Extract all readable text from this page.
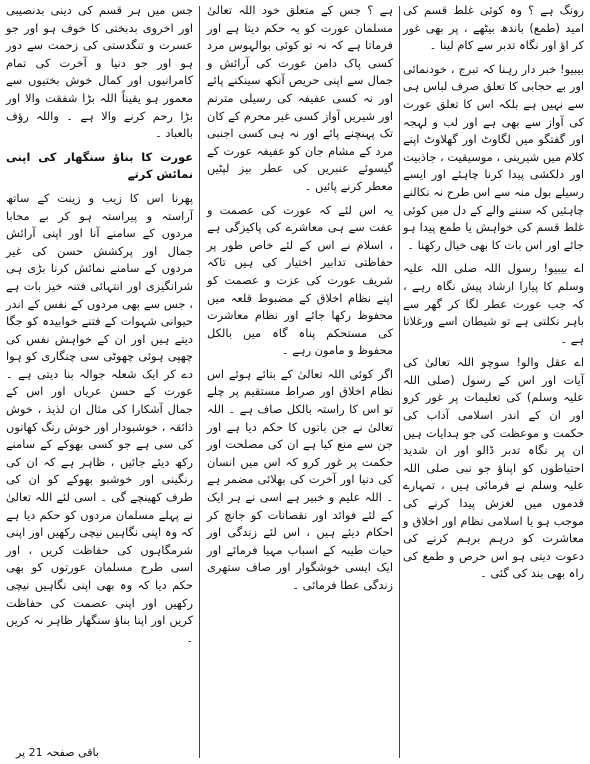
رونگ ہے ؟ وہ کوئی غلط قسم کی امید (طمع) باندھ بیٹھے ، پر بھی غور کر اؤ اور نگاہ تدبر سے کام لینا ۔

بیبیو! خبر دار رہنا کہ تبرج ، خودنمائی اور بے حجابی کا تعلق صرف لباس ہی سے نہیں ہے بلکہ اس کا تعلق عورت کی آواز سے بھی ہے اور لب و لہجہ اور گفتگو میں لگاوٹ اور گھلاوٹ اپنے کلام میں شیرینی ، موسیقیت ، جاذبیت اور دلکشی پیدا کرنا چاہئے اور ایسے رسیلے بول منہ سے اس طرح نہ نکالنے چاہئیں کہ سننے والے کے دل میں کوئی غلط قسم کی خواہش یا طمع پیدا ہو جائے اور اس بات کا بھی خیال رکھنا ۔

اے بیبیو! رسول اللہ صلی اللہ علیہ وسلم کا پیارا ارشاد پیش نگاہ رہے ، کہ جب عورت عطر لگا کر گھر سے باہر نکلتی ہے تو شیطان اسے ورغلاتا ہے ۔

اے عقل والو! سوچو اللہ تعالیٰ کی آیات اور اس کے رسول (صلی اللہ علیہ وسلم) کی تعلیمات پر غور کرو اور ان کے اندر اسلامی آداب کی حکمت و موعظت کی جو ہدایات ہیں ان پر نگاہ تدبر ڈالو اور ان شدید احتیاطوں کو اپناؤ جو نبی صلی اللہ علیہ وسلم نے فرمائی ہیں ، تمہارے قدموں میں لغزش پیدا کرنے کی موجب ہو یا اسلامی نظام اور اخلاق و معاشرت کو درہم برہم کرنے کی دعوت دیتی ہو اس حرص و طمع کی راہ بھی بند کی گئی ۔

ہے ؟ جس کے متعلق خود اللہ تعالیٰ مسلمان عورت کو یہ حکم دیتا ہے اور فرماتا ہے کہ نہ تو کوئی بوالہوس مرد کسی پاک دامن عورت کی آرائش و جمال سے اپنی حریص آنکھ سینکنے پائے اور نہ کسی عفیفہ کی رسیلی مترنم اور شیریں آواز کسی غیر محرم کے کان تک پہنچنے پائے اور نہ ہی کسی اجنبی مرد کے مشام جان کو عفیفہ عورت کے گیسوئے عنبریں کی عطر بیز لپٹیں معطر کرنے پائیں ۔

یہ اس لئے کہ عورت کی عصمت و عفت سے ہی معاشرے کی پاکیزگی ہے ، اسلام نے اس کے لئے خاص طور پر حفاظتی تدابیر اختیار کی ہیں تاکہ شریف عورت کی عزت و عصمت کو اپنے نظام اخلاق کے مضبوط قلعہ میں محفوظ رکھا جائے اور نظام معاشرت کی مستحکم پناہ گاہ میں بالکل محفوظ و مامون رہے ۔

اگر کوئی اللہ تعالیٰ کے بتائے ہوئے اس نظام اخلاق اور صراط مستقیم پر چلے تو اس کا راستہ بالکل صاف ہے ۔ اللہ تعالیٰ نے جن باتوں کا حکم دیا ہے اور جن سے منع کیا ہے ان کی مصلحت اور حکمت پر غور کرو کہ اس میں انسان کی دنیا اور آخرت کی بھلائی مضمر ہے ۔ اللہ علیم و خبیر ہے اسی نے ہر ایک کے لئے فوائد اور نقصانات کو جانچ کر احکام دیئے ہیں ، اس لئے زندگی اور حیات طیبہ کے اسباب مہیا فرمائے اور ایک ایسی خوشگوار اور صاف ستھری زندگی عطا فرمائی ۔

جس میں ہر قسم کی دینی بدنصیبی اور اخروی بدبختی کا خوف ہو اور جو عسرت و تنگدستی کی زحمت سے دور ہو اور جو دنیا و آخرت کی تمام کامرانیوں اور کمال خوش بختیوں سے معمور ہو یقیناً اللہ بڑا شفقت والا اور بڑا رحم کرنے والا ہے ۔ واللہ رؤف بالعباد ۔

عورت کا بناؤ سنگھار کی اپنی نمائش کرتے

پھرنا اس کا زیب و زینت کے ساتھ آراستہ و پیراستہ ہو کر بے محابا مردوں کے سامنے آنا اور اپنی آرائش جمال اور پرکشش حسن کی غیر مردوں کے سامنے نمائش کرنا بڑی ہی شرانگیزی اور انتہائی فتنہ خیز بات ہے ، جس سے بھی مردوں کے نفس کے اندر حیوانی شہوات کے فتنے خوابیدہ کو جگا دیتے ہیں اور ان کے خواہش نفس کی چھپی ہوئی چھوٹی سی چنگاری کو ہوا دے کر ایک شعلہ جوالہ بنا دیتی ہے ۔ عورت کے حسن عریاں اور اس کے جمال آشکارا کی مثال ان لذیذ ، خوش ذائقہ ، خوشبودار اور خوش رنگ کھانوں کی سی ہے جو کسی بھوکے کے سامنے رکھ دیئے جائیں ، ظاہر ہے کہ ان کی رنگینی اور خوشبو بھوکے کو ان کی طرف کھینچے گی ۔ اسی لئے اللہ تعالیٰ نے پہلے مسلمان مردوں کو حکم دیا ہے کہ وہ اپنی نگاہیں نیچی رکھیں اور اپنی شرمگاہوں کی حفاظت کریں ، اور اسی طرح مسلمان عورتوں کو بھی حکم دیا کہ وہ بھی اپنی نگاہیں نیچی رکھیں اور اپنی عصمت کی حفاظت کریں اور اپنا بناؤ سنگھار ظاہر نہ کریں ۔

باقی صفحہ 21 پر
